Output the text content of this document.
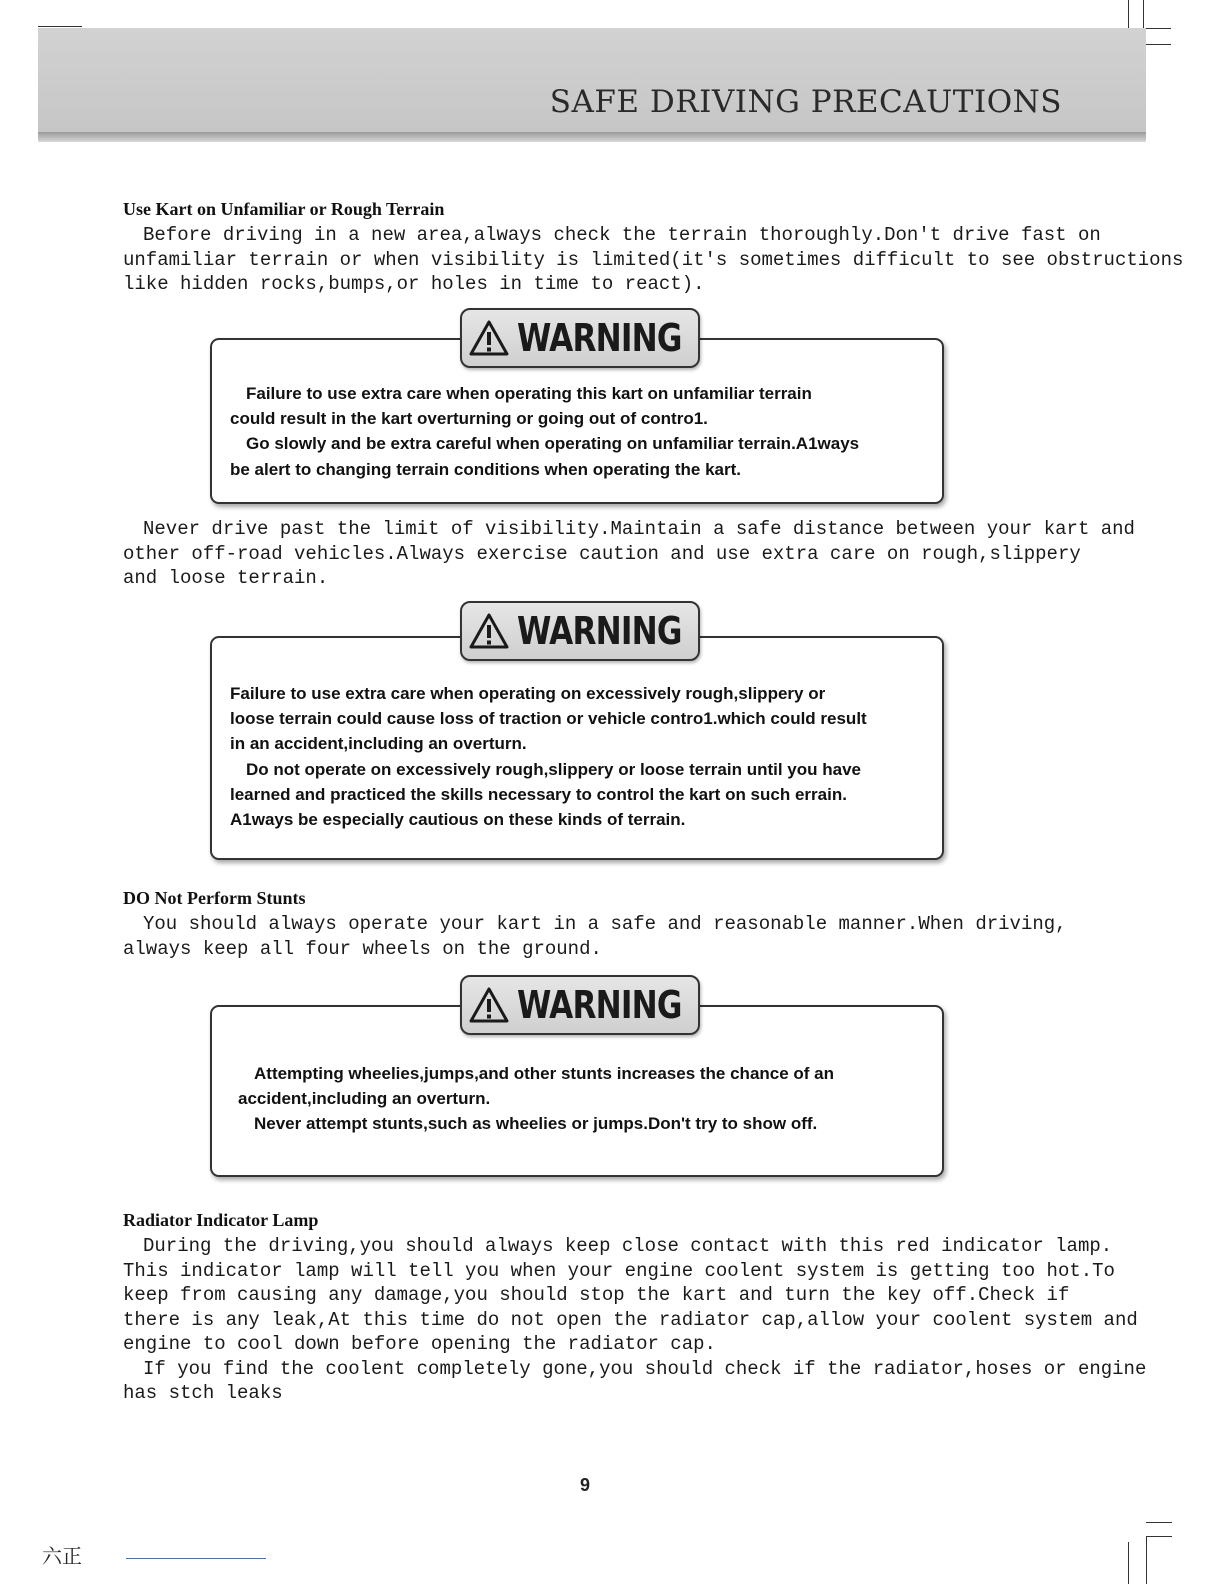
SAFE DRIVING PRECAUTIONS
Use Kart on Unfamiliar or Rough Terrain
Before driving in a new area,always check the terrain thoroughly.Don't drive fast on
unfamiliar terrain or when visibility is limited(it's sometimes difficult to see obstructions
like hidden rocks,bumps,or holes in time to react).
WARNING
Failure to use extra care when operating this kart on unfamiliar terrain
could result in the kart overturning or going out of contro1.
Go slowly and be extra careful when operating on unfamiliar terrain.A1ways
be alert to changing terrain conditions when operating the kart.
Never drive past the limit of visibility.Maintain a safe distance between your kart and
other off-road vehicles.Always exercise caution and use extra care on rough,slippery
and loose terrain.
WARNING
Failure to use extra care when operating on excessively rough,slippery or
loose terrain could cause loss of traction or vehicle contro1.which could result
in an accident,including an overturn.
Do not operate on excessively rough,slippery or loose terrain until you have
learned and practiced the skills necessary to control the kart on such errain.
A1ways be especially cautious on these kinds of terrain.
DO Not Perform Stunts
You should always operate your kart in a safe and reasonable manner.When driving,
always keep all four wheels on the ground.
WARNING
Attempting wheelies,jumps,and other stunts increases the chance of an
accident,including an overturn.
Never attempt stunts,such as wheelies or jumps.Don't try to show off.
Radiator Indicator Lamp
During the driving,you should always keep close contact with this red indicator lamp.
This indicator lamp will tell you when your engine coolent system is getting too hot.To
keep from causing any damage,you should stop the kart and turn the key off.Check if
there is any leak,At this time do not open the radiator cap,allow your coolent system and
engine to cool down before opening the radiator cap.
If you find the coolent completely gone,you should check if the radiator,hoses or engine
has stch leaks
9
六正
